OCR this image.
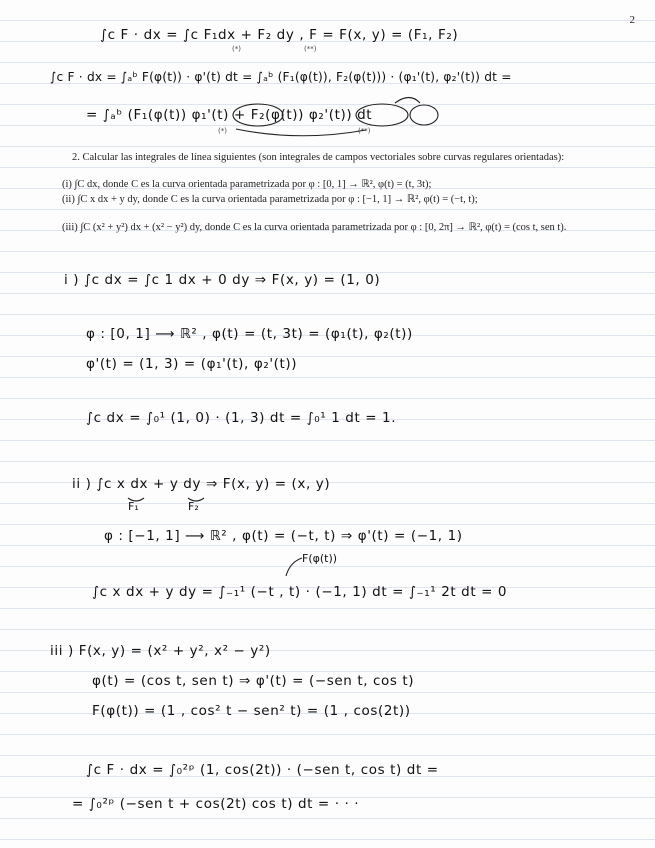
2
∫c F · dx = ∫c F₁dx + F₂ dy , F = F(x, y) = (F₁, F₂)
(*)	(**)
∫c F · dx = ∫ₐᵇ F(φ(t)) · φ'(t) dt = ∫ₐᵇ (F₁(φ(t)), F₂(φ(t))) · (φ₁'(t), φ₂'(t)) dt =
= ∫ₐᵇ (F₁(φ(t)) φ₁'(t) + F₂(φ(t)) φ₂'(t)) dt
(*)	(**)
2. Calcular las integrales de línea siguientes (son integrales de campos vectoriales sobre curvas regulares orientadas):
(i) ∫C dx, donde C es la curva orientada parametrizada por φ : [0, 1] → ℝ², φ(t) = (t, 3t);
(ii) ∫C x dx + y dy, donde C es la curva orientada parametrizada por φ : [−1, 1] → ℝ², φ(t) = (−t, t);
(iii) ∫C (x² + y²) dx + (x² − y²) dy, donde C es la curva orientada parametrizada por φ : [0, 2π] → ℝ², φ(t) = (cos t, sen t).
i ) ∫c dx = ∫c 1 dx + 0 dy ⇒ F(x, y) = (1, 0)
φ : [0, 1] ⟶ ℝ² , φ(t) = (t, 3t) = (φ₁(t), φ₂(t))
φ'(t) = (1, 3) = (φ₁'(t), φ₂'(t))
∫c dx = ∫₀¹ (1, 0) · (1, 3) dt = ∫₀¹ 1 dt = 1.
ii ) ∫c x dx + y dy ⇒ F(x, y) = (x, y)
F₁	F₂
φ : [−1, 1] ⟶ ℝ² , φ(t) = (−t, t) ⇒ φ'(t) = (−1, 1)
F(φ(t))
∫c x dx + y dy = ∫₋₁¹ (−t , t) · (−1, 1) dt = ∫₋₁¹ 2t dt = 0
iii ) F(x, y) = (x² + y², x² − y²)
φ(t) = (cos t, sen t) ⇒ φ'(t) = (−sen t, cos t)
F(φ(t)) = (1 , cos² t − sen² t) = (1 , cos(2t))
∫c F · dx = ∫₀²ᵖ (1, cos(2t)) · (−sen t, cos t) dt =
= ∫₀²ᵖ (−sen t + cos(2t) cos t) dt = · · ·
